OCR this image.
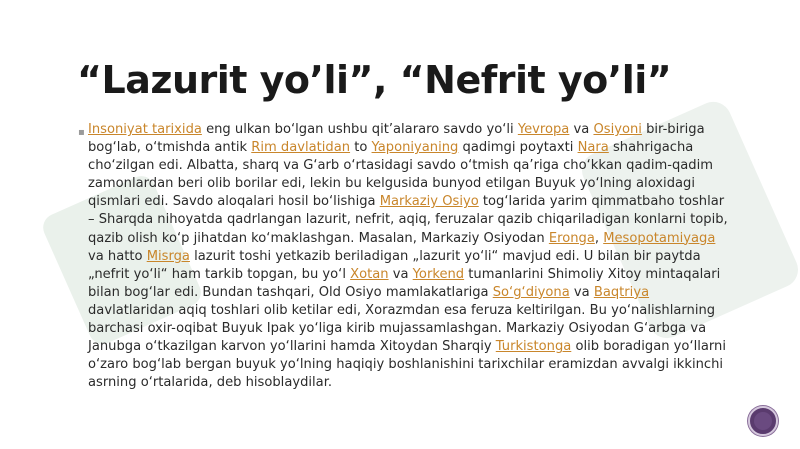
“Lazurit yo’li”, “Nefrit yo’li”
▪ Insoniyat tarixida eng ulkan bo‘lgan ushbu qit’alararo savdo yo‘li Yevropa va Osiyoni bir-biriga bog‘lab, o‘tmishda antik Rim davlatidan to Yaponiyaning qadimgi poytaxti Nara shahrigacha cho‘zilgan edi. Albatta, sharq va G‘arb o‘rtasidagi savdo o‘tmish qa’riga cho‘kkan qadim-qadim zamonlardan beri olib borilar edi, lekin bu kelgusida bunyod etilgan Buyuk yo‘lning aloxidagi qismlari edi. Savdo aloqalari hosil bo‘lishiga Markaziy Osiyo tog‘larida yarim qimmatbaho toshlar – Sharqda nihoyatda qadrlangan lazurit, nefrit, aqiq, feruzalar qazib chiqariladigan konlarni topib, qazib olish ko‘p jihatdan ko‘maklashgan. Masalan, Markaziy Osiyodan Eronga, Mesopotamiyaga va hatto Misrga lazurit toshi yetkazib beriladigan „lazurit yo‘li“ mavjud edi. U bilan bir paytda „nefrit yo‘li“ ham tarkib topgan, bu yo‘l Xotan va Yorkend tumanlarini Shimoliy Xitoy mintaqalari bilan bog‘lar edi. Bundan tashqari, Old Osiyo mamlakatlariga So‘g‘diyona va Baqtriya davlatlaridan aqiq toshlari olib ketilar edi, Xorazmdan esa feruza keltirilgan. Bu yo‘nalishlarning barchasi oxir-oqibat Buyuk Ipak yo‘liga kirib mujassamlashgan. Markaziy Osiyodan G‘arbga va Janubga o‘tkazilgan karvon yo‘llarini hamda Xitoydan Sharqiy Turkistonga olib boradigan yo‘llarni o‘zaro bog‘lab bergan buyuk yo‘lning haqiqiy boshlanishini tarixchilar eramizdan avvalgi ikkinchi asrning o‘rtalarida, deb hisoblaydilar.
